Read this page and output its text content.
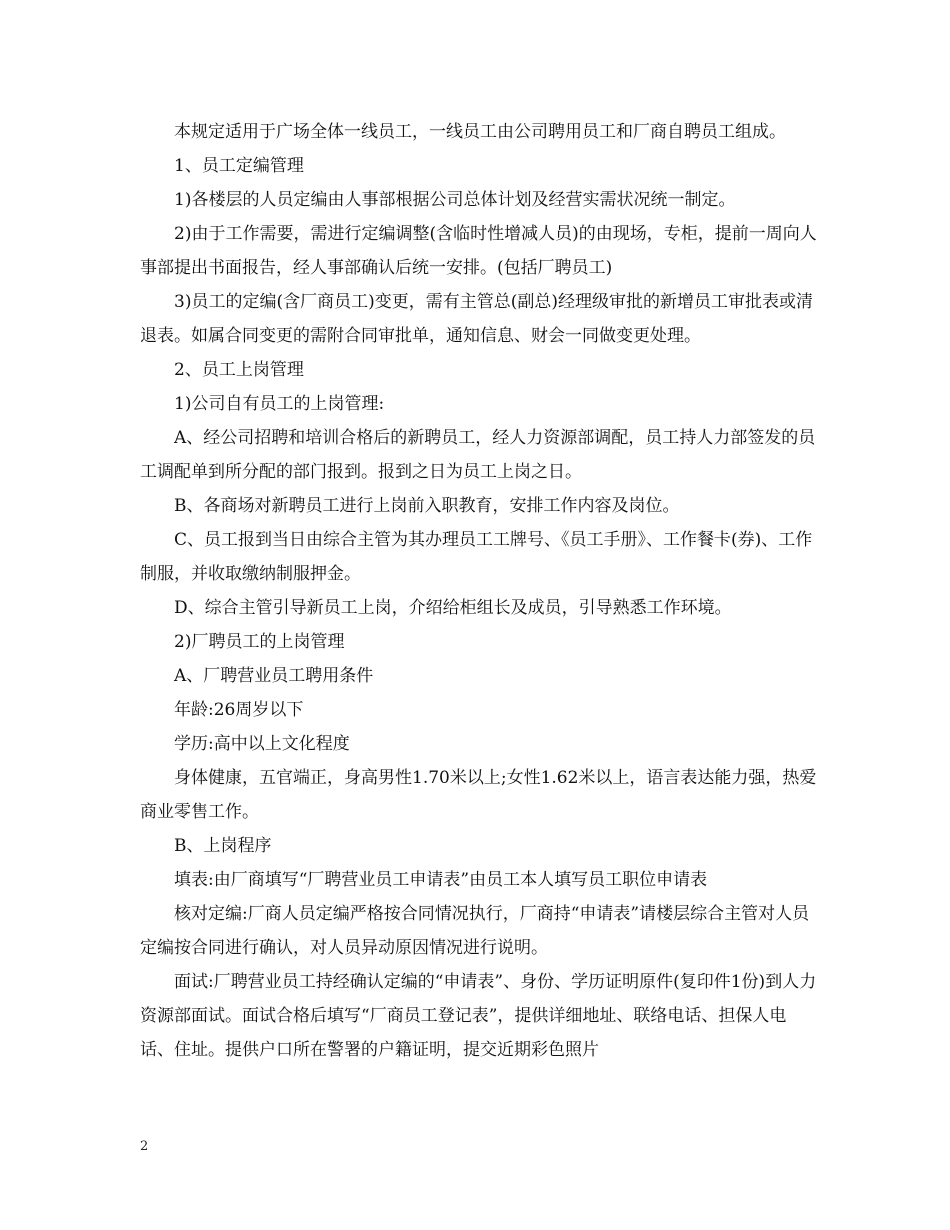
本规定适用于广场全体一线员工，一线员工由公司聘用员工和厂商自聘员工组成。

1、员工定编管理

1)各楼层的人员定编由人事部根据公司总体计划及经营实需状况统一制定。

2)由于工作需要，需进行定编调整(含临时性增减人员)的由现场，专柜，提前一周向人事部提出书面报告，经人事部确认后统一安排。(包括厂聘员工)

3)员工的定编(含厂商员工)变更，需有主管总(副总)经理级审批的新增员工审批表或清退表。如属合同变更的需附合同审批单，通知信息、财会一同做变更处理。

2、员工上岗管理

1)公司自有员工的上岗管理:

A、经公司招聘和培训合格后的新聘员工，经人力资源部调配，员工持人力部签发的员工调配单到所分配的部门报到。报到之日为员工上岗之日。

B、各商场对新聘员工进行上岗前入职教育，安排工作内容及岗位。

C、员工报到当日由综合主管为其办理员工工牌号、《员工手册》、工作餐卡(券)、工作制服，并收取缴纳制服押金。

D、综合主管引导新员工上岗，介绍给柜组长及成员，引导熟悉工作环境。

2)厂聘员工的上岗管理

A、厂聘营业员工聘用条件

年龄:26周岁以下

学历:高中以上文化程度

身体健康，五官端正，身高男性1.70米以上;女性1.62米以上，语言表达能力强，热爱商业零售工作。

B、上岗程序

填表:由厂商填写“厂聘营业员工申请表”由员工本人填写员工职位申请表

核对定编:厂商人员定编严格按合同情况执行，厂商持“申请表”请楼层综合主管对人员定编按合同进行确认，对人员异动原因情况进行说明。

面试:厂聘营业员工持经确认定编的“申请表”、身份、学历证明原件(复印件1份)到人力资源部面试。面试合格后填写“厂商员工登记表”，提供详细地址、联络电话、担保人电话、住址。提供户口所在警署的户籍证明，提交近期彩色照片

2
